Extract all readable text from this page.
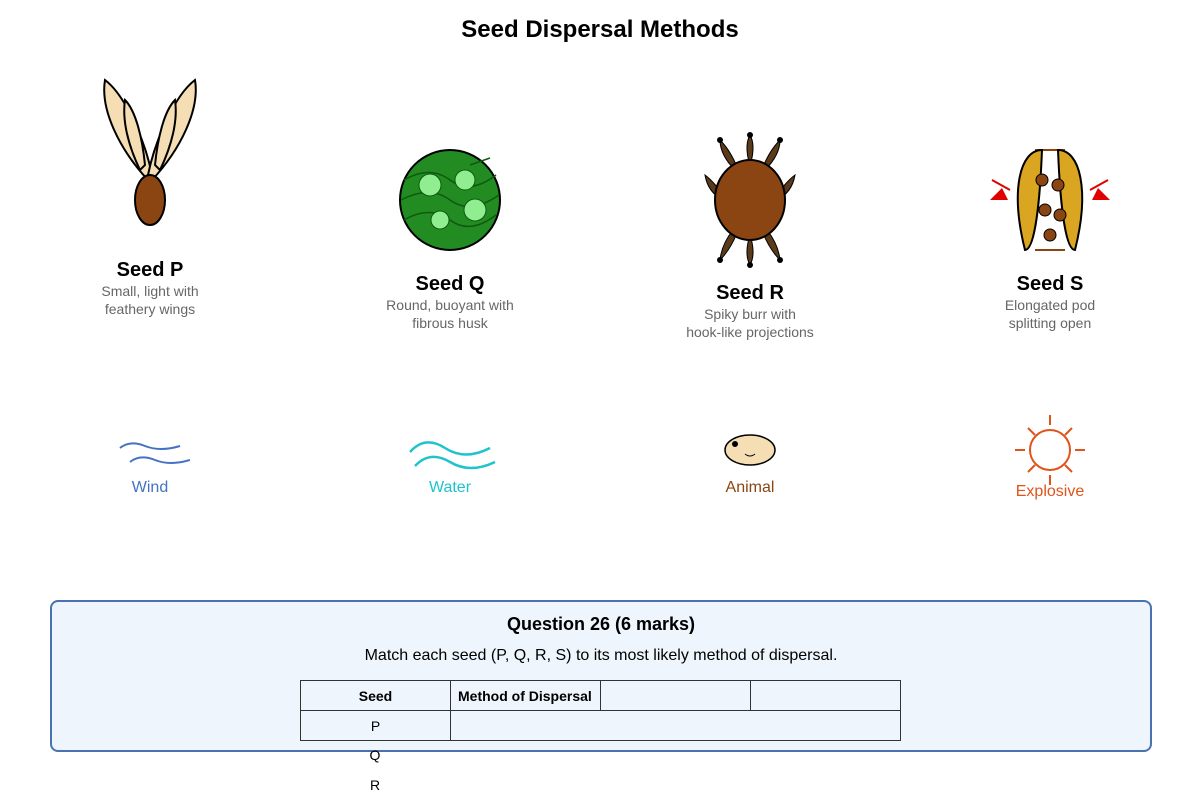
Seed Dispersal Methods
Seed P
Small, light with
feathery wings
Seed Q
Round, buoyant with
fibrous husk
Seed R
Spiky burr with
hook-like projections
Seed S
Elongated pod
splitting open
Wind	Water	Animal	Explosive
Question 26 (6 marks)
Match each seed (P, Q, R, S) to its most likely method of dispersal.
Seed	Method of Dispersal
P
Q
R
